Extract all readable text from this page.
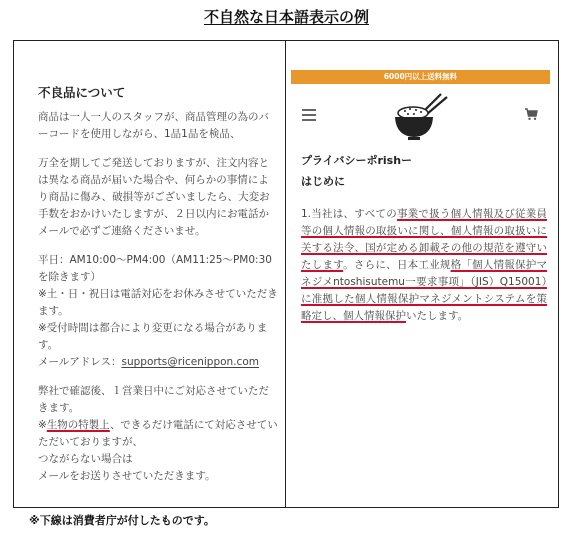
不自然な日本語表示の例
不良品について

商品は一人一人のスタッフが、商品管理の為のバーコードを使用しながら、1品1品を検品、

万全を期してご発送しておりますが、注文内容とは異なる商品が届いた場合や、何らかの事情により商品に傷み、破損等がございましたら、大変お手数をおかけいたしますが、２日以内にお電話かメールで必ずご連絡くださいませ。

平日：AM10:00〜PM4:00（AM11:25〜PM0:30を除きます）

※土・日・祝日は電話対応をお休みさせていただきます。

※受付時間は都合により変更になる場合があります。

メールアドレス：supports@ricenippon.com

弊社で確認後、１営業日中にご対応させていただきます。

※生物の特製上、できるだけ電話にて対応させていただいておりますが、

つながらない場合は

メールをお送りさせていただきます。

6000円以上送料無料
プライバシーポrishー
はじめに

1.当社は、すべての事業で扱う個人情報及び従業員等の個人情報の取扱いに関し、個人情報の取扱いに关する法令、国が定める卸載その他の規范を遵守いたします。さらに、日本工业规格「個人情報保护マネジメntoshisutemu一要求事项」（JIS）Q15001）に准拠した個人情報保护マネジメントシステムを策略定し、個人情報保护いたします。

※下線は消費者庁が付したものです。
